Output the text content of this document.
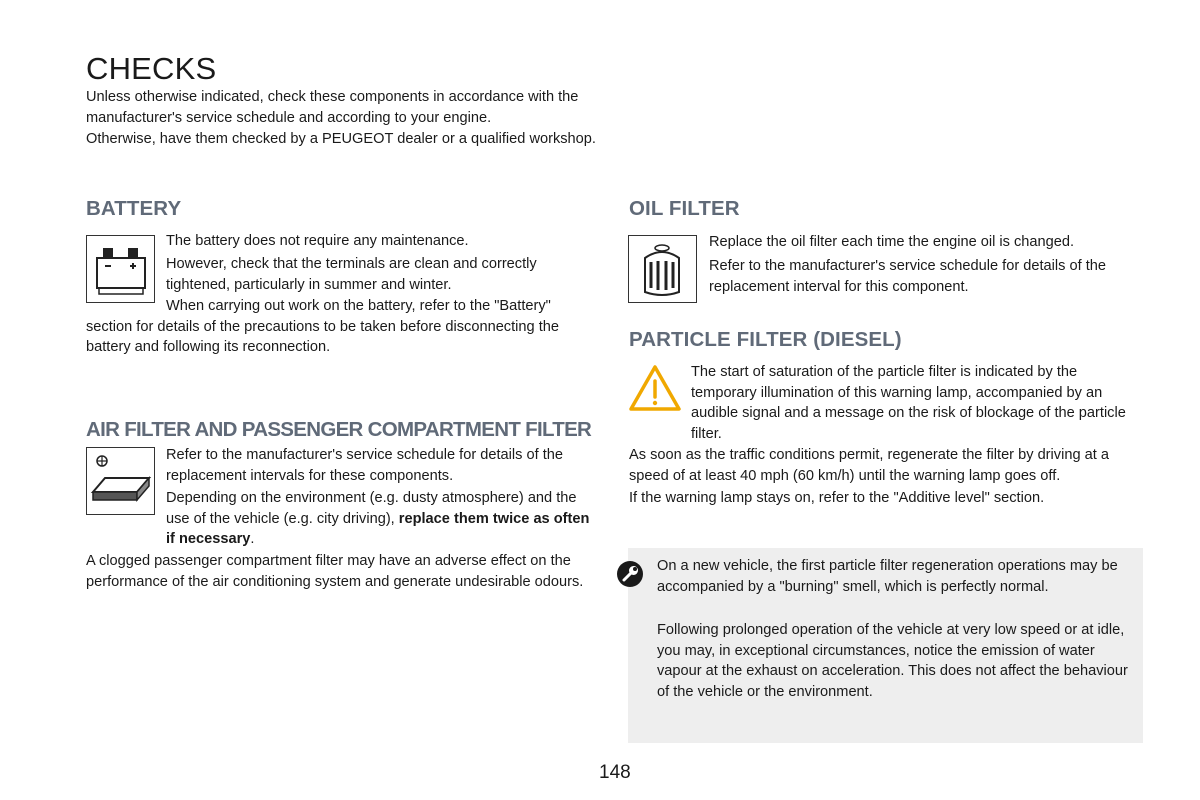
CHECKS

Unless otherwise indicated, check these components in accordance with the manufacturer's service schedule and according to your engine.

Otherwise, have them checked by a PEUGEOT dealer or a qualified workshop.

BATTERY

The battery does not require any maintenance.

However, check that the terminals are clean and correctly tightened, particularly in summer and winter.

When carrying out work on the battery, refer to the "Battery" section for details of the precautions to be taken before disconnecting the battery and following its reconnection.
AIR FILTER AND PASSENGER COMPARTMENT FILTER

Refer to the manufacturer's service schedule for details of the replacement intervals for these components.

Depending on the environment (e.g. dusty atmosphere) and the use of the vehicle (e.g. city driving), replace them twice as often if necessary.

A clogged passenger compartment filter may have an adverse effect on the performance of the air conditioning system and generate undesirable odours.

OIL FILTER

Replace the oil filter each time the engine oil is changed.

Refer to the manufacturer's service schedule for details of the replacement interval for this component.

PARTICLE FILTER (DIESEL)

The start of saturation of the particle filter is indicated by the temporary illumination of this warning lamp, accompanied by an audible signal and a message on the risk of blockage of the particle filter.

As soon as the traffic conditions permit, regenerate the filter by driving at a speed of at least 40 mph (60 km/h) until the warning lamp goes off.

If the warning lamp stays on, refer to the "Additive level" section.

On a new vehicle, the first particle filter regeneration operations may be accompanied by a "burning" smell, which is perfectly normal.

Following prolonged operation of the vehicle at very low speed or at idle, you may, in exceptional circumstances, notice the emission of water vapour at the exhaust on acceleration. This does not affect the behaviour of the vehicle or the environment.

148
